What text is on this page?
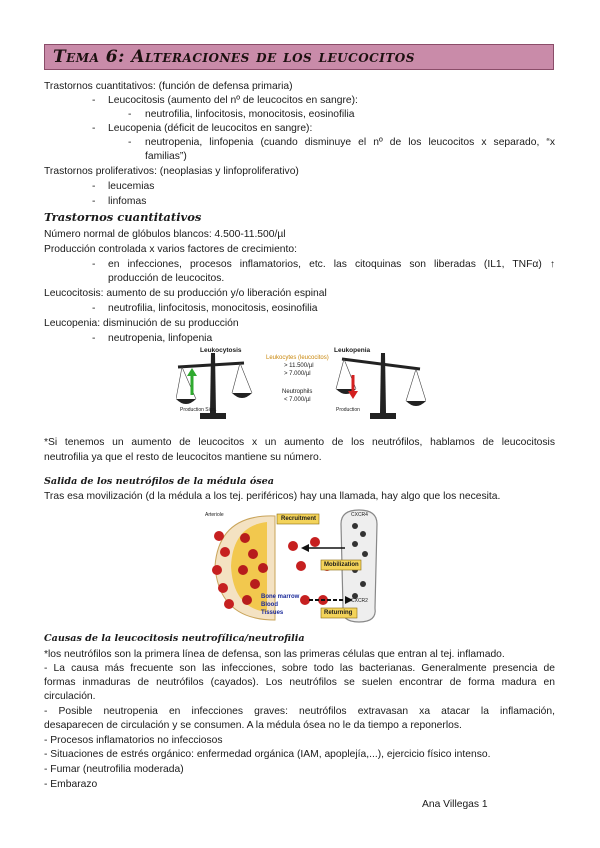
Tema 6: Alteraciones de los leucocitos
Trastornos cuantitativos: (función de defensa primaria)
- Leucocitosis (aumento del nº de leucocitos en sangre):
- neutrofilia, linfocitosis, monocitosis, eosinofilia
- Leucopenia (déficit de leucocitos en sangre):
- neutropenia, linfopenia (cuando disminuye el nº de los leucocitos x separado, “x
familias”)
Trastornos proliferativos: (neoplasias y linfoproliferativo)
- leucemias
- linfomas
Trastornos cuantitativos
Número normal de glóbulos blancos: 4.500-11.500/µl
Producción controlada x varios factores de crecimiento:
- en infecciones, procesos inflamatorios, etc. las citoquinas son liberadas (IL1, TNFα) ↑
producción de leucocitos.
Leucocitosis: aumento de su producción y/o liberación espinal
- neutrofilia, linfocitosis, monocitosis, eosinofilia
Leucopenia: disminución de su producción
- neutropenia, linfopenia
Leukocytosis	Leukopenia
Leukocytes (leucocitos)
> 11.500/µl
> 7.000/µl
Neutrophils
< 7.000/µl
Production Sign.	Production
*Si tenemos un aumento de leucocitos x un aumento de los neutrófilos, hablamos de leucocitosis
neutrofilia ya que el resto de leucocitos mantiene su número.
Salida de los neutrófilos de la médula ósea
Tras esa movilización (d la médula a los tej. periféricos) hay una llamada, hay algo que los necesita.
Recruitment
Mobilization
Returning
Bone marrow
Blood
Tissues
Arteriole	CXCR4
CXCR2
Causas de la leucocitosis neutrofílica/neutrofilia
*los neutrófilos son la primera línea de defensa, son las primeras células que entran al tej. inflamado.
- La causa más frecuente son las infecciones, sobre todo las bacterianas. Generalmente presencia de
formas inmaduras de neutrófilos (cayados). Los neutrófilos se suelen encontrar de forma madura en
circulación.
- Posible neutropenia en infecciones graves: neutrófilos extravasan xa atacar la inflamación,
desaparecen de circulación y se consumen. A la médula ósea no le da tiempo a reponerlos.
- Procesos inflamatorios no infecciosos
- Situaciones de estrés orgánico: enfermedad orgánica (IAM, apoplejía,...), ejercicio físico intenso.
- Fumar (neutrofilia moderada)
- Embarazo
Ana Villegas 1
